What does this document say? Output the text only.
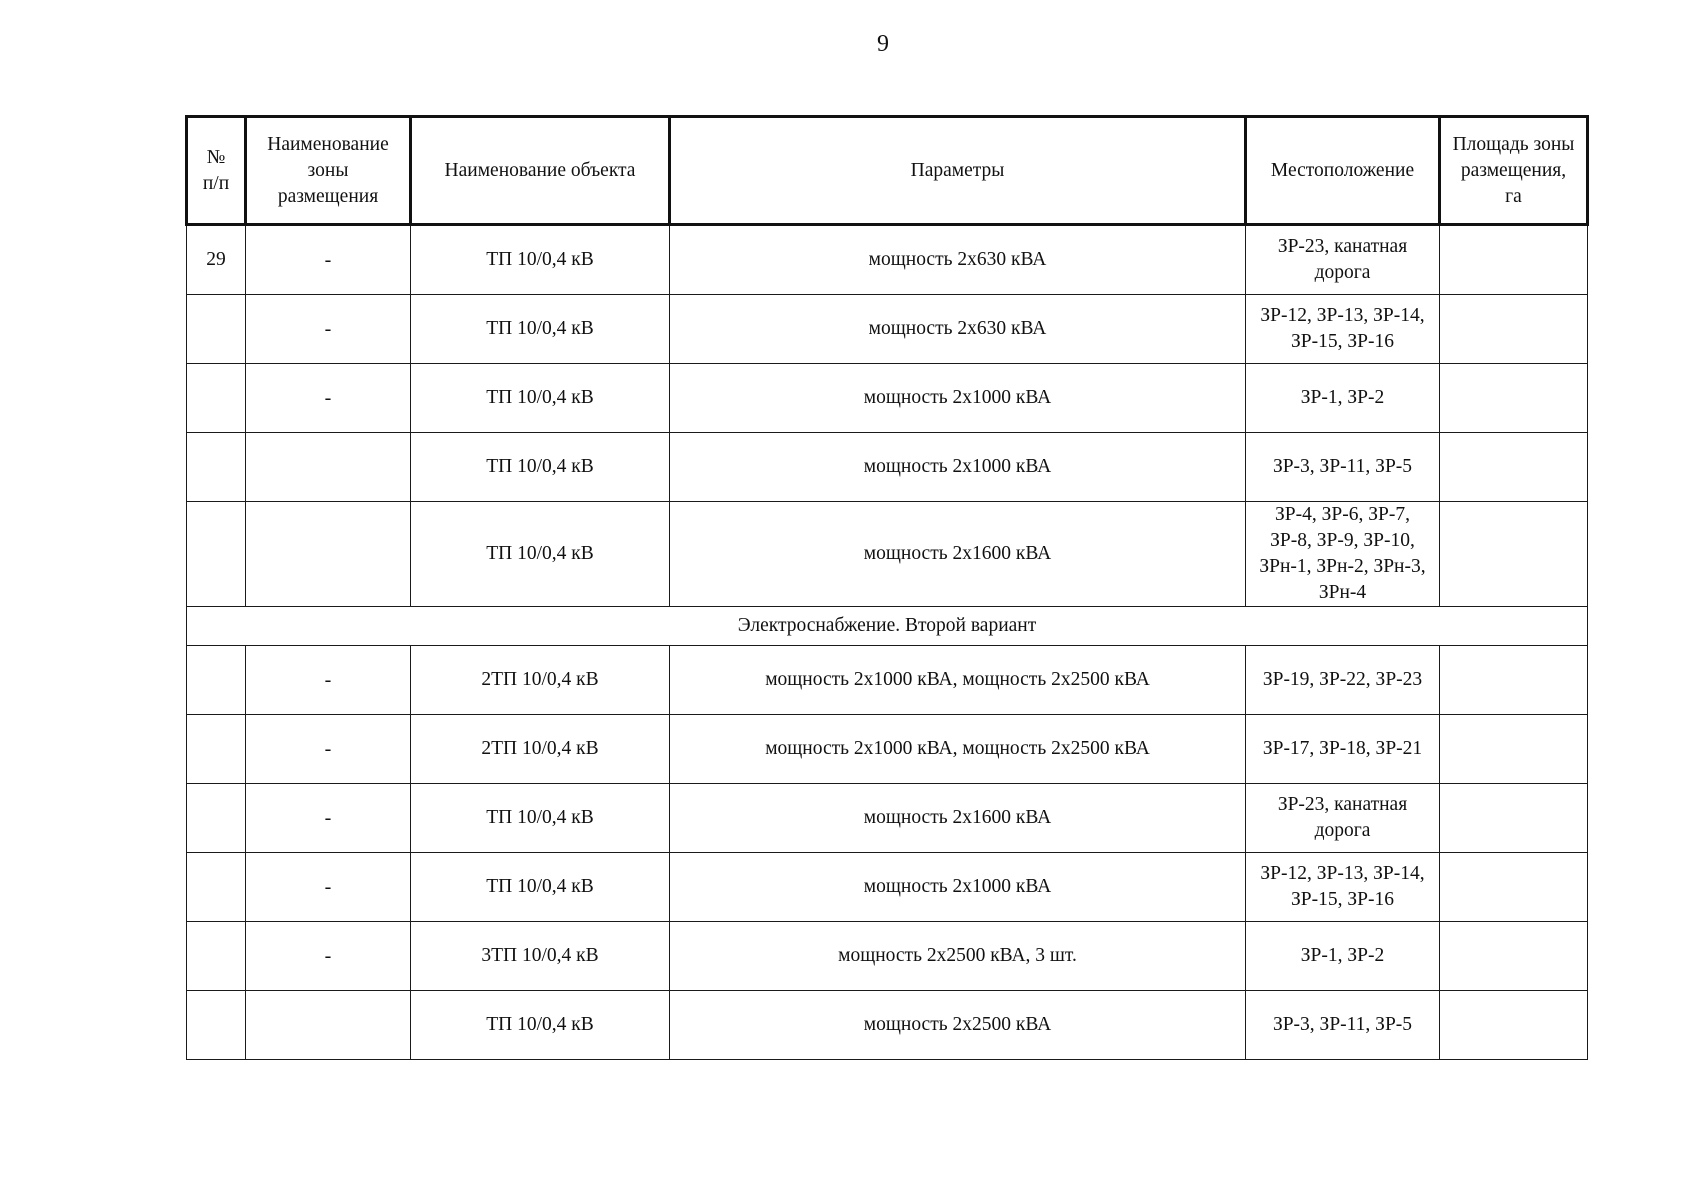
9
№ п/п	Наименование зоны размещения	Наименование объекта	Параметры	Местоположение	Площадь зоны размещения, га
29	-	ТП 10/0,4 кВ	мощность 2х630 кВА	ЗР-23, канатная дорога	
	-	ТП 10/0,4 кВ	мощность 2х630 кВА	ЗР-12, ЗР-13, ЗР-14, ЗР-15, ЗР-16	
	-	ТП 10/0,4 кВ	мощность 2х1000 кВА	ЗР-1, ЗР-2	
		ТП 10/0,4 кВ	мощность 2х1000 кВА	ЗР-3, ЗР-11, ЗР-5	
		ТП 10/0,4 кВ	мощность 2х1600 кВА	ЗР-4, ЗР-6, ЗР-7, ЗР-8, ЗР-9, ЗР-10, ЗРн-1, ЗРн-2, ЗРн-3, ЗРн-4	
Электроснабжение. Второй вариант					
	-	2ТП 10/0,4 кВ	мощность 2х1000 кВА, мощность 2х2500 кВА	ЗР-19, ЗР-22, ЗР-23	
	-	2ТП 10/0,4 кВ	мощность 2х1000 кВА, мощность 2х2500 кВА	ЗР-17, ЗР-18, ЗР-21	
	-	ТП 10/0,4 кВ	мощность 2х1600 кВА	ЗР-23, канатная дорога	
	-	ТП 10/0,4 кВ	мощность 2х1000 кВА	ЗР-12, ЗР-13, ЗР-14, ЗР-15, ЗР-16	
	-	3ТП 10/0,4 кВ	мощность 2х2500 кВА, 3 шт.	ЗР-1, ЗР-2	
		ТП 10/0,4 кВ	мощность 2х2500 кВА	ЗР-3, ЗР-11, ЗР-5	
